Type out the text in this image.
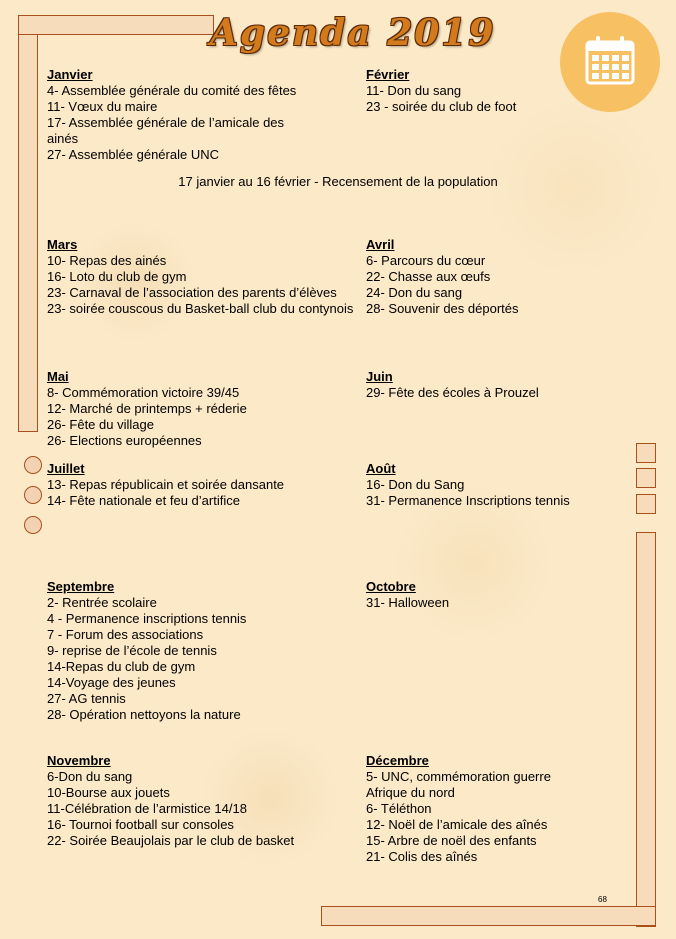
Agenda 2019
Janvier
4- Assemblée générale du comité des fêtes
11- Vœux du maire
17- Assemblée générale de l’amicale des ainés
27- Assemblée générale UNC
Février
11- Don du sang
23 - soirée du club de foot
17 janvier au 16 février - Recensement de la population
Mars
10- Repas des ainés
16- Loto du club de gym
23- Carnaval de l’association des parents d’élèves
23- soirée couscous du Basket-ball club du contynois
Avril
6- Parcours du cœur
22- Chasse aux œufs
24- Don du sang
28- Souvenir des déportés
Mai
8- Commémoration victoire 39/45
12- Marché de printemps + réderie
26- Fête du village
26- Elections européennes
Juin
29- Fête des écoles à Prouzel
Juillet
13- Repas républicain et soirée dansante
14- Fête nationale et feu d’artifice
Août
16- Don du Sang
31- Permanence Inscriptions tennis
Septembre
2- Rentrée scolaire
4 - Permanence inscriptions tennis
7 - Forum des associations
9- reprise de l’école de tennis
14-Repas du club de gym
14-Voyage des jeunes
27- AG tennis
28- Opération nettoyons la nature
Octobre
31- Halloween
Novembre
6-Don du sang
10-Bourse aux jouets
11-Célébration de l’armistice 14/18
16- Tournoi football sur consoles
22- Soirée Beaujolais par le club de basket
Décembre
5- UNC, commémoration guerre Afrique du nord
6- Téléthon
12- Noël de l’amicale des aînés
15- Arbre de noël des enfants
21- Colis des aînés
68
